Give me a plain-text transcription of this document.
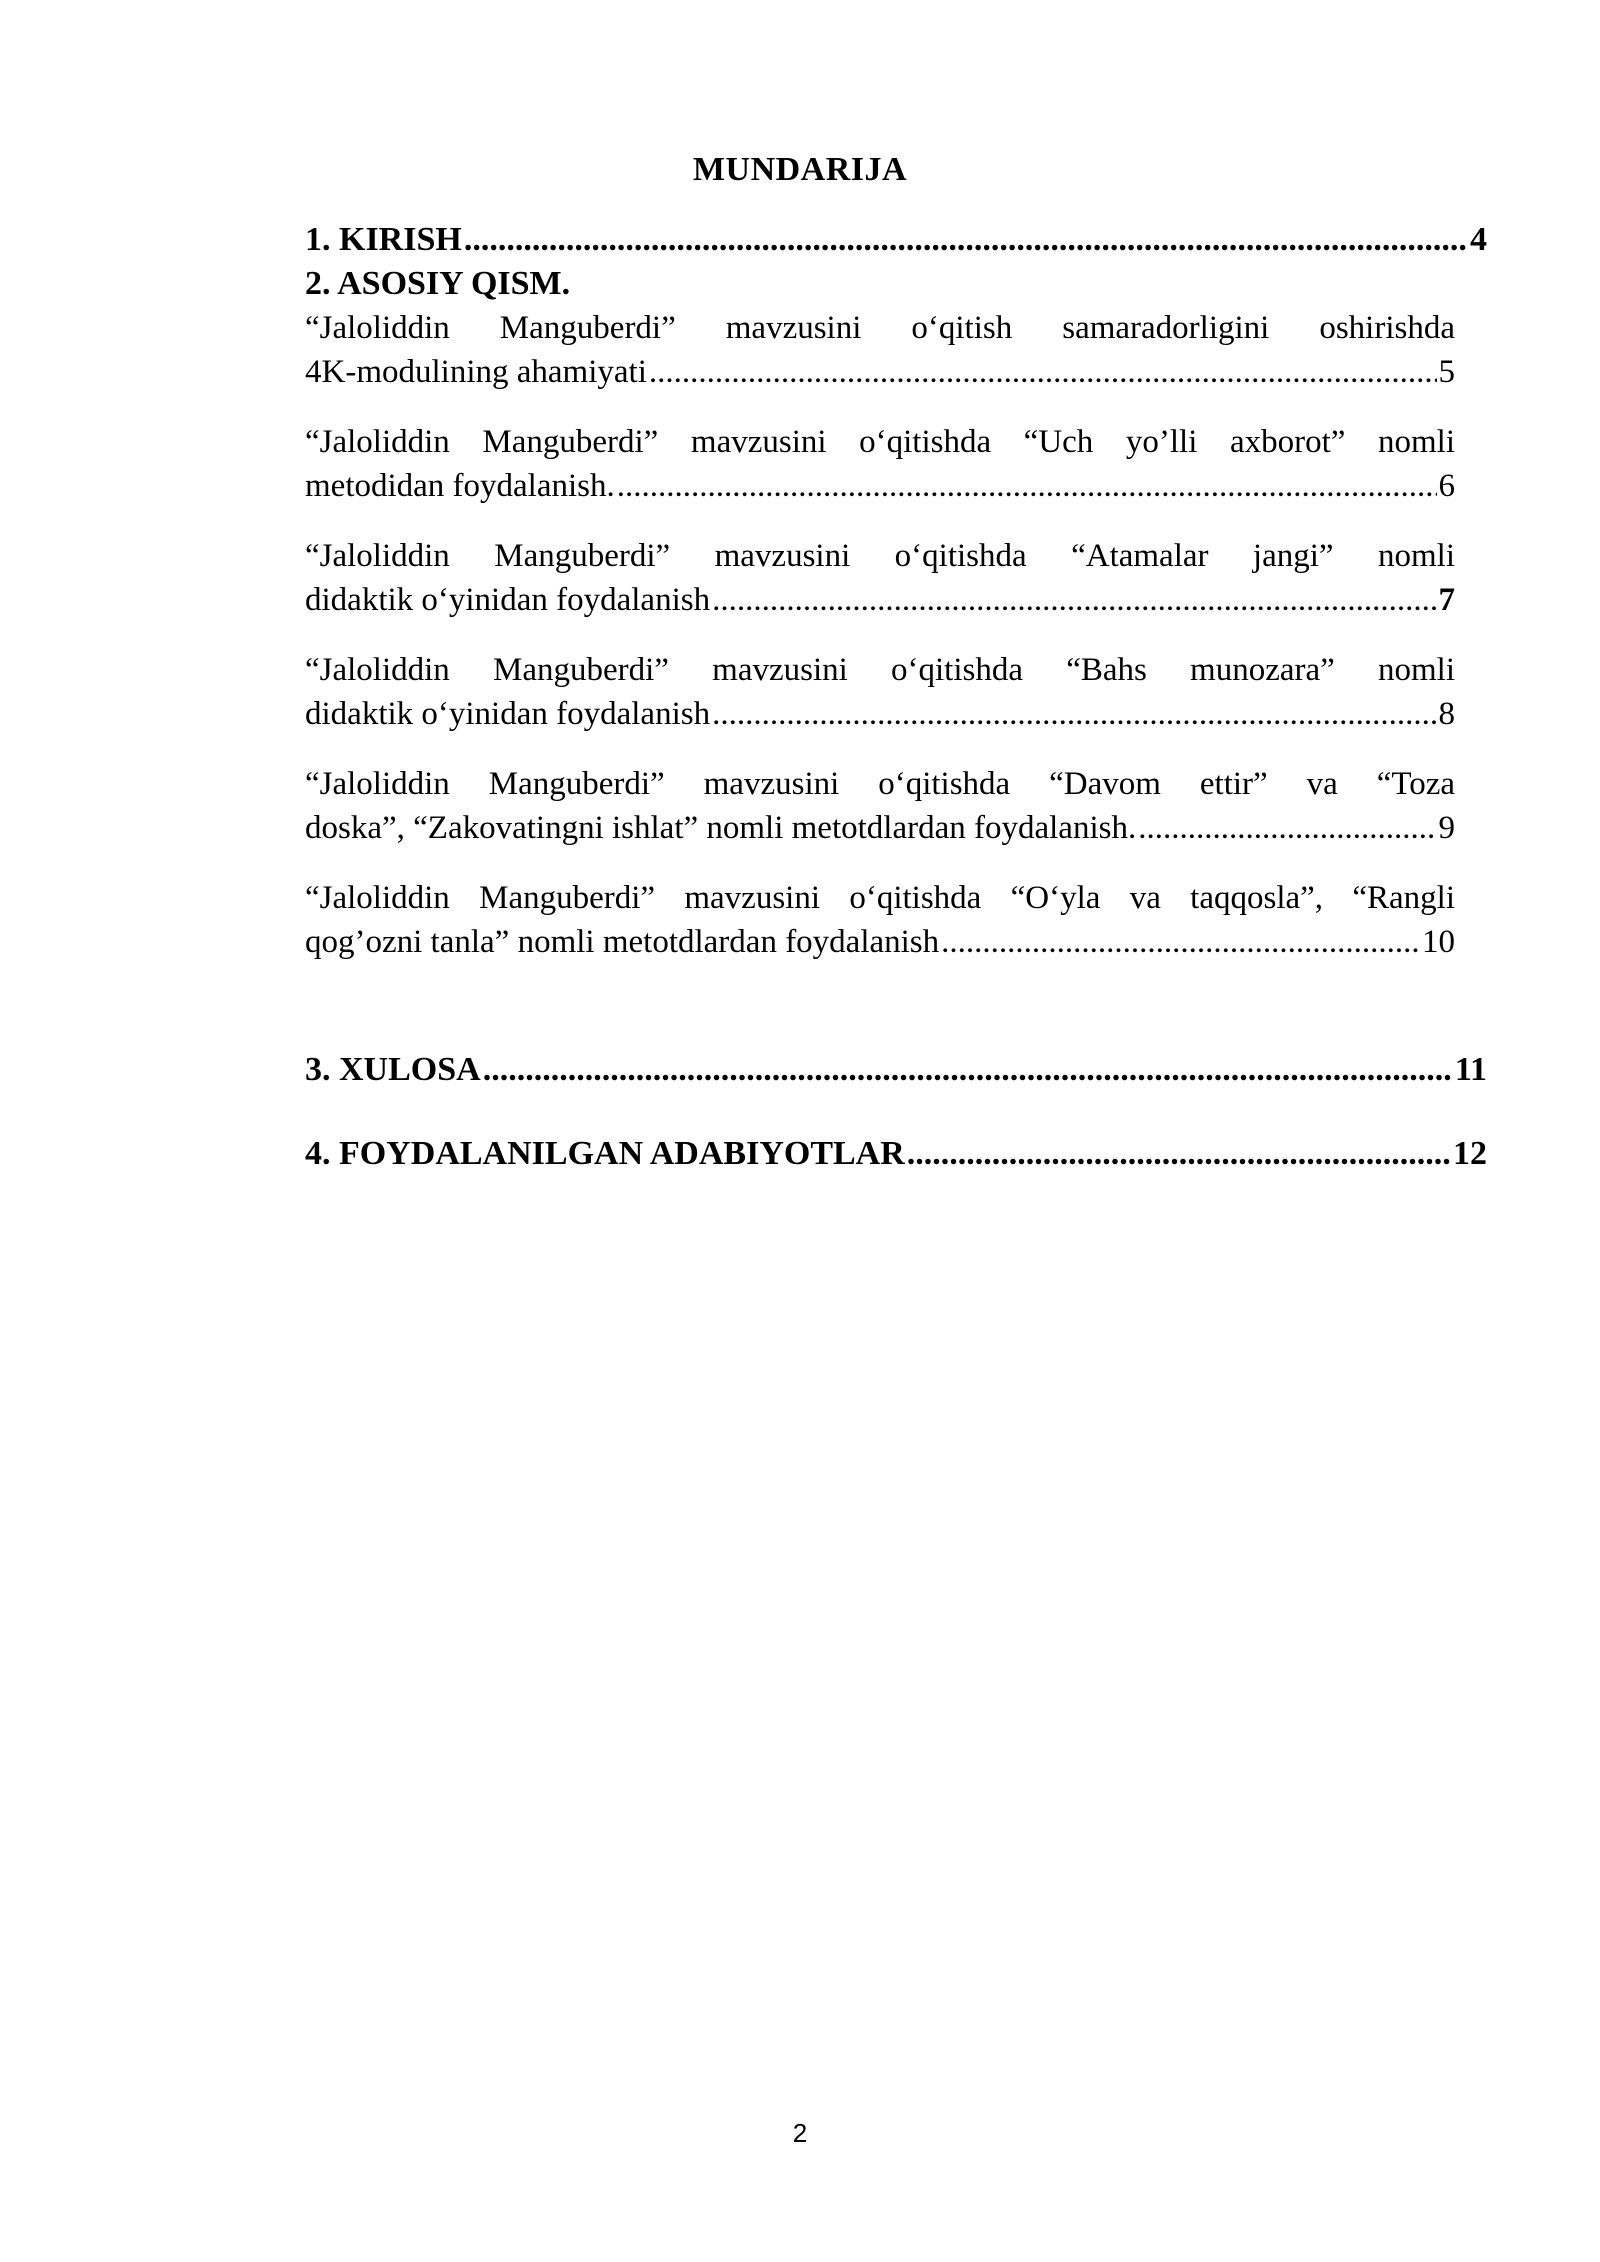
MUNDARIJA
1. KIRISH .....	4
2. ASOSIY QISM.
“Jaloliddin Manguberdi” mavzusini o‘qitish samaradorligini oshirishda
4K-modulining ahamiyati .....	5
“Jaloliddin Manguberdi” mavzusini o‘qitishda “Uch yo’lli axborot” nomli
metodidan foydalanish. .....	6
“Jaloliddin Manguberdi” mavzusini o‘qitishda “Atamalar jangi” nomli
didaktik o‘yinidan foydalanish .....	7
“Jaloliddin Manguberdi” mavzusini o‘qitishda “Bahs munozara” nomli
didaktik o‘yinidan foydalanish .....	8
“Jaloliddin Manguberdi” mavzusini o‘qitishda “Davom ettir” va “Toza
doska”, “Zakovatingni ishlat” nomli metotdlardan foydalanish. .....	9
“Jaloliddin Manguberdi” mavzusini o‘qitishda “O‘yla va taqqosla”, “Rangli
qog’ozni tanla” nomli metotdlardan foydalanish .....	10
3. XULOSA .....	11
4. FOYDALANILGAN ADABIYOTLAR .....	12
2
